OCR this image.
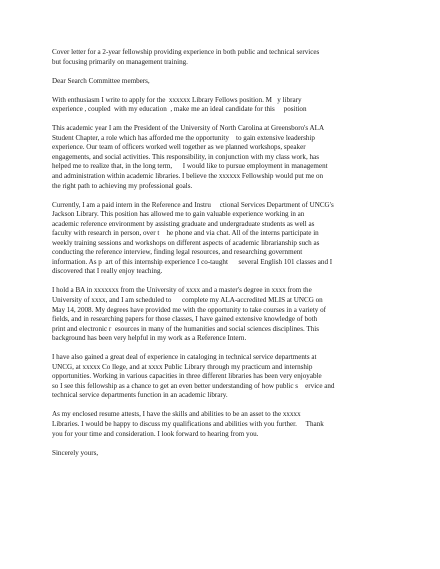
Cover letter for a 2-year fellowship providing experience in both public and technical services
but focusing primarily on management training.
Dear Search Committee members,
With enthusiasm I write to apply for the  xxxxxx Library Fellows position. M   y library
experience , coupled  with my education  , make me an ideal candidate for this     position
This academic year I am the President of the University of North Carolina at Greensboro's ALA
Student Chapter, a role which has afforded me the opportunity    to gain extensive leadership
experience. Our team of officers worked well together as we planned workshops, speaker
engagements, and social activities. This responsibility, in conjunction with my class work, has
helped me to realize that, in the long term,      I would like to pursue employment in management
and administration within academic libraries. I believe the xxxxxx Fellowship would put me on
the right path to achieving my professional goals.
Currently, I am a paid intern in the Reference and Instru     ctional Services Department of UNCG's
Jackson Library. This position has allowed me to gain valuable experience working in an
academic reference environment by assisting graduate and undergraduate students as well as
faculty with research in person, over t    he phone and via chat. All of the interns participate in
weekly training sessions and workshops on different aspects of academic librarianship such as
conducting the reference interview, finding legal resources, and researching government
information. As p  art of this internship experience I co-taught      several English 101 classes and I
discovered that I really enjoy teaching.
I hold a BA in xxxxxxx from the University of xxxx and a master's degree in xxxx from the
University of xxxx, and I am scheduled to      complete my ALA-accredited MLIS at UNCG on
May 14, 2008. My degrees have provided me with the opportunity to take courses in a variety of
fields, and in researching papers for those classes, I have gained extensive knowledge of both
print and electronic r  esources in many of the humanities and social sciences disciplines. This
background has been very helpful in my work as a Reference Intern.
I have also gained a great deal of experience in cataloging in technical service departments at
UNCG, at xxxxx Co llege, and at xxxx Public Library through my practicum and internship
opportunities. Working in various capacities in three different libraries has been very enjoyable
so I see this fellowship as a chance to get an even better understanding of how public s    ervice and
technical service departments function in an academic library.
As my enclosed resume attests, I have the skills and abilities to be an asset to the xxxxx
Libraries. I would be happy to discuss my qualifications and abilities with you further.     Thank
you for your time and consideration. I look forward to hearing from you.
Sincerely yours,
